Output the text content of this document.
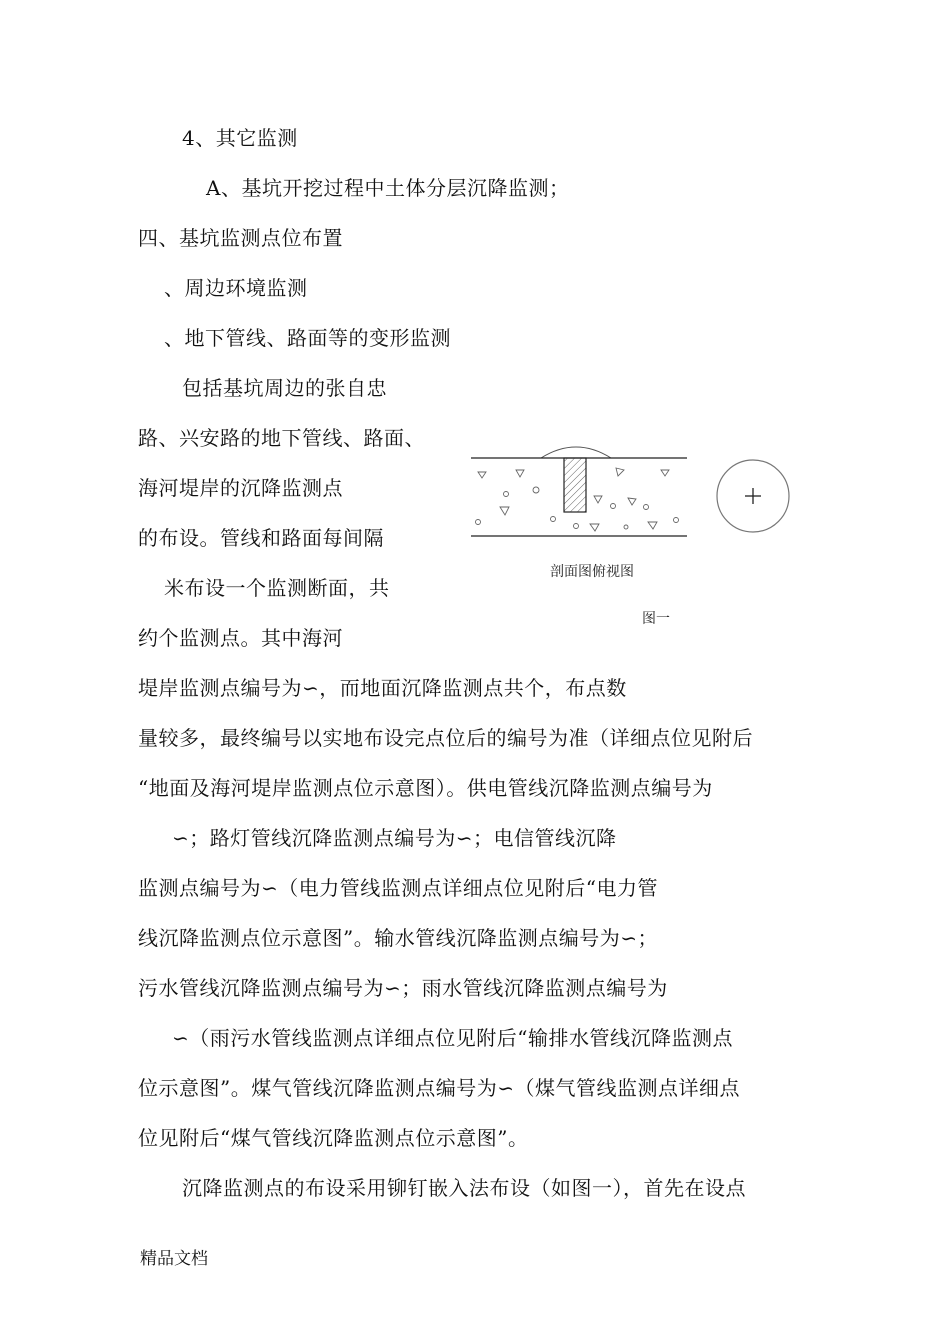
4、其它监测
A、基坑开挖过程中土体分层沉降监测；
四、基坑监测点位布置
、周边环境监测
、地下管线、路面等的变形监测
包括基坑周边的张自忠
路、兴安路的地下管线、路面、
海河堤岸的沉降监测点
的布设。管线和路面每间隔
米布设一个监测断面，共
约个监测点。其中海河
堤岸监测点编号为∽，而地面沉降监测点共个，布点数
量较多，最终编号以实地布设完点位后的编号为准（详细点位见附后
“地面及海河堤岸监测点位示意图）。供电管线沉降监测点编号为
∽；路灯管线沉降监测点编号为∽；电信管线沉降
监测点编号为∽（电力管线监测点详细点位见附后“电力管
线沉降监测点位示意图”。输水管线沉降监测点编号为∽；
污水管线沉降监测点编号为∽；雨水管线沉降监测点编号为
∽（雨污水管线监测点详细点位见附后“输排水管线沉降监测点
位示意图”。煤气管线沉降监测点编号为∽（煤气管线监测点详细点
位见附后“煤气管线沉降监测点位示意图”。
沉降监测点的布设采用铆钉嵌入法布设（如图一），首先在设点
剖面图俯视图
图一
精品文档
